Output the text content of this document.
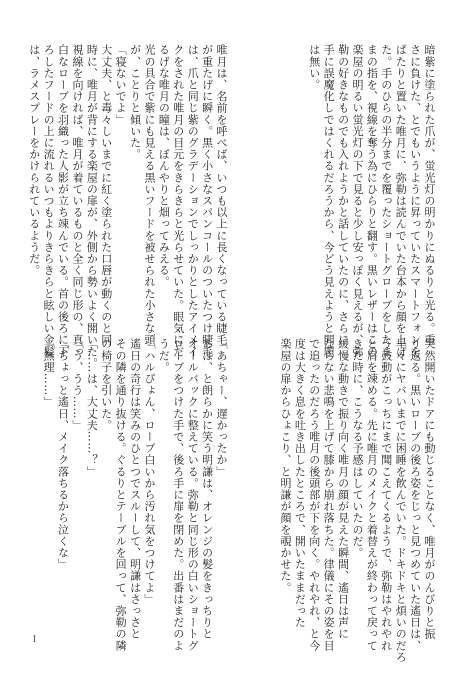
暗紫に塗られた爪が、蛍光灯の明かりにぬるりと光る。重
さに負けた、とでもいうように昇っていたスマートフォンを
ぱたりと置いた唯月に、弥勒は読んでいた台本から顔を上げ
た。手のひらの半分までを覆ったショートグローブをしたま
まの指を、視線を奪う為にひらりと翻す。黒いレザーはこの
楽屋の明るい蛍光灯の下で見ると少し安っぽく見えるが、弥
勒の好きなものでも入れようかと話していたのに、さらに
手に誤魔化しではくれるだろうから、今どう見えようと問題
は無い。
唯月は、名前を呼べば、いつも以上に長くなっている睫毛
が重たげに瞬く。黒く小さなスパンコールのついたつけ睫毛
は、爪と同じ紫のグラデーションでしっかりとしたアイメイ
クをされた唯月の目元をきらきらと光らせていた。眼気にだ
るげな唯月の瞳は、ぼんやりと畑ってみえる。
光の具合で紫にも見える黒いフードを被せられた小さな頭
が、ことりと傾いた。
「寝ないでよ」
大丈夫、と毒々しいまでに紅く塗られた口唇が動くのと同
時に、唯月が背にする楽屋の扉が、外側から勢いよく開いた。
視線を向ければ、唯月が着ているものと全く同じ形の、真っ
白なローブを羽織った人影が立ち竦んでいる。首の後ろに下
ろしたフードの上に流れるいつもよりきらきらと眩しい金髪
は、ラメスプレーをかけられているようだ。
突然開いたドアにも動じることなく、唯月がのんびりと振
り返る。黒いローブの後ろ姿をじっと見つめていた遙日は、
早々にヤバいまでに困睡を飲んでいた。ドキドキと煩いのだろ
う鼓動がこっちにまで聞こえてくるようで、弥勒はやれやれ
と肩を竦める。先に唯月のメイクと着替えが終わって戻って
きた時に、こうなる予感はしていたのだ。
緩慢な動きで振り向く唯月の顔が見えた瞬間、遙日は声に
ならない悲鳴を上げて膝から崩れ落ちた。律儀にその姿を目
で追ったのだろう唯月の後頭部が下を向く。やれやれ、と今
度は大きく息を吐き出したところで、開いたままだった
楽屋の扉からひょこり、と明謙が顔を覗かせた。
「あちゃー、遅かったか」
あは、と朗らかに笑う明謙は、オレンジの髪をきっちりと
オールバックに整えている。弥勒と同じ形の白いショートグ
ローブをつけた手で、後ろ手に扉を閉めた。出番はまだのよ
うだ。
「ハルぴょん、ローブ白いから汚れ気をつけてよ」
遙日の奇行は笑みのひとつでスルーして、明謙はさっさと
その隣を通り抜ける。ぐるりとテーブルを回って、弥勒の隣
の椅子を引いた。
「……は、大丈夫……？」
「う、うう……」
「ちょっと遙日、メイク落ちるから泣くな」
「無理……」
1
